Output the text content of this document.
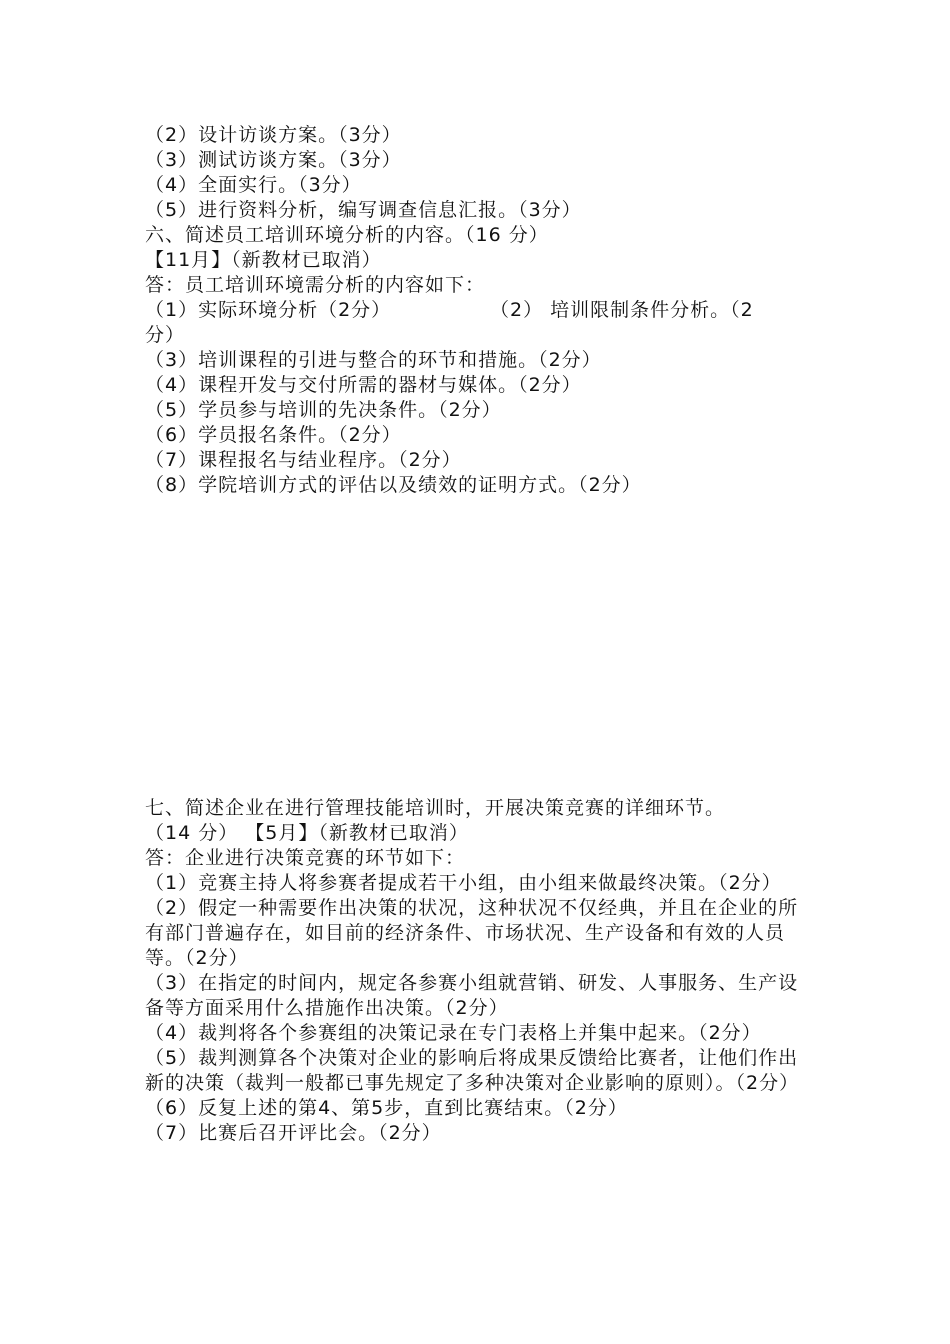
（2）设计访谈方案。（3分）
（3）测试访谈方案。（3分）
（4）全面实行。（3分）
（5）进行资料分析，编写调查信息汇报。（3分）
六、简述员工培训环境分析的内容。（16 分）
【11月】（新教材已取消）
答：员工培训环境需分析的内容如下：
（1）实际环境分析（2分）	（2） 培训限制条件分析。（2
分）
（3）培训课程的引进与整合的环节和措施。（2分）
（4）课程开发与交付所需的器材与媒体。（2分）
（5）学员参与培训的先决条件。（2分）
（6）学员报名条件。（2分）
（7）课程报名与结业程序。（2分）
（8）学院培训方式的评估以及绩效的证明方式。（2分）
七、简述企业在进行管理技能培训时，开展决策竞赛的详细环节。
（14 分） 【5月】（新教材已取消）
答：企业进行决策竞赛的环节如下：
（1）竞赛主持人将参赛者提成若干小组，由小组来做最终决策。（2分）
（2）假定一种需要作出决策的状况，这种状况不仅经典，并且在企业的所有部门普遍存在，如目前的经济条件、市场状况、生产设备和有效的人员等。（2分）
（3）在指定的时间内，规定各参赛小组就营销、研发、人事服务、生产设备等方面采用什么措施作出决策。（2分）
（4）裁判将各个参赛组的决策记录在专门表格上并集中起来。（2分）
（5）裁判测算各个决策对企业的影响后将成果反馈给比赛者，让他们作出新的决策（裁判一般都已事先规定了多种决策对企业影响的原则）。（2分）
（6）反复上述的第4、第5步，直到比赛结束。（2分）
（7）比赛后召开评比会。（2分）
